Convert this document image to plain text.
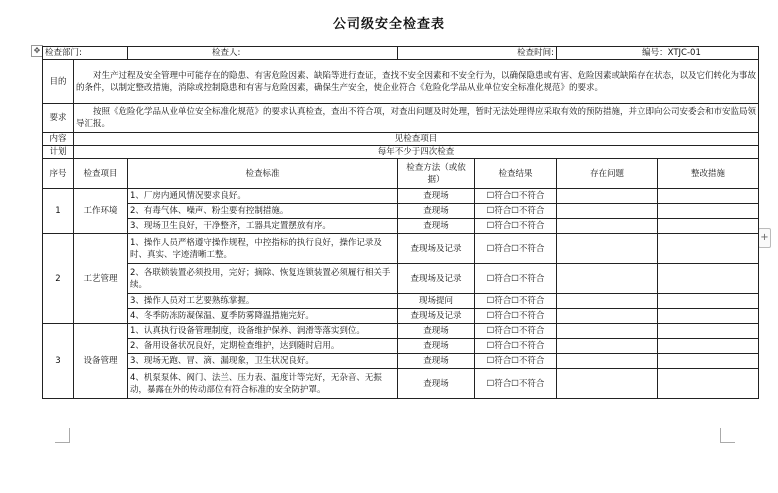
公司级安全检查表
✥
+
检查部门:		检查人:	检查时间:		编号：XTJC-01	
目的	对生产过程及安全管理中可能存在的隐患、有害危险因素、缺陷等进行查证，查找不安全因素和不安全行为，以确保隐患或有害、危险因素或缺陷存在状态，以及它们转化为事故的条件，以制定整改措施，消除或控制隐患和有害与危险因素，确保生产安全，使企业符合《危险化学品从业单位安全标准化规范》的要求。					
要求	按照《危险化学品从业单位安全标准化规范》的要求认真检查，查出不符合项，对查出问题及时处理，暂时无法处理得应采取有效的预防措施，并立即向公司安委会和市安监局领导汇报。					
内容	见检查项目					
计划	每年不少于四次检查					
序号	检查项目	检查标准	检查方法（或依据）	检查结果	存在问题	整改措施
1	工作环境	1、厂房内通风情况要求良好。	查现场	☐符合☐不符合		
		2、有毒气体、噪声、粉尘要有控制措施。	查现场	☐符合☐不符合		
		3、现场卫生良好，干净整齐，工器具定置摆放有序。	查现场	☐符合☐不符合		
2	工艺管理	1、操作人员严格遵守操作规程，中控指标的执行良好，操作记录及时、真实、字迹清晰工整。	查现场及记录	☐符合☐不符合		
		2、各联锁装置必须投用，完好；摘除、恢复连锁装置必须履行相关手续。	查现场及记录	☐符合☐不符合		
		3、操作人员对工艺要熟练掌握。	现场提问	☐符合☐不符合		
		4、冬季防冻防凝保温、夏季防雾降温措施完好。	查现场及记录	☐符合☐不符合		
3	设备管理	1、认真执行设备管理制度，设备维护保养、润滑等落实到位。	查现场	☐符合☐不符合		
		2、备用设备状况良好，定期检查维护，达到随时启用。	查现场	☐符合☐不符合		
		3、现场无跑、冒、滴、漏现象，卫生状况良好。	查现场	☐符合☐不符合		
		4、机泵泵体、阀门、法兰、压力表、温度计等完好，无杂音、无振动，暴露在外的传动部位有符合标准的安全防护罩。	查现场	☐符合☐不符合		
